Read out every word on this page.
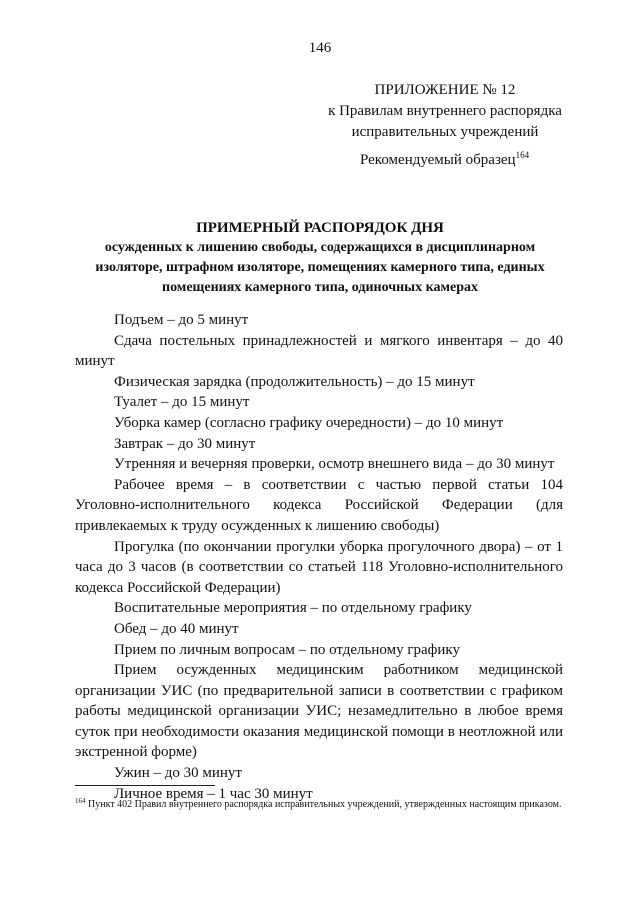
146
ПРИЛОЖЕНИЕ № 12
к Правилам внутреннего распорядка
исправительных учреждений
Рекомендуемый образец$^{164}$
ПРИМЕРНЫЙ РАСПОРЯДОК ДНЯ
осужденных к лишению свободы, содержащихся в дисциплинарном изоляторе, штрафном изоляторе, помещениях камерного типа, единых помещениях камерного типа, одиночных камерах

Подъем – до 5 минут

Сдача постельных принадлежностей и мягкого инвентаря – до 40 минут

Физическая зарядка (продолжительность) – до 15 минут

Туалет – до 15 минут

Уборка камер (согласно графику очередности) – до 10 минут

Завтрак – до 30 минут

Утренняя и вечерняя проверки, осмотр внешнего вида – до 30 минут

Рабочее время – в соответствии с частью первой статьи 104 Уголовно-исполнительного кодекса Российской Федерации (для привлекаемых к труду осужденных к лишению свободы)

Прогулка (по окончании прогулки уборка прогулочного двора) – от 1 часа до 3 часов (в соответствии со статьей 118 Уголовно-исполнительного кодекса Российской Федерации)

Воспитательные мероприятия – по отдельному графику

Обед – до 40 минут

Прием по личным вопросам – по отдельному графику

Прием осужденных медицинским работником медицинской организации УИС (по предварительной записи в соответствии с графиком работы медицинской организации УИС; незамедлительно в любое время суток при необходимости оказания медицинской помощи в неотложной или экстренной форме)

Ужин – до 30 минут

Личное время – 1 час 30 минут

$^{164}$ Пункт 402 Правил внутреннего распорядка исправительных учреждений, утвержденных настоящим приказом.
